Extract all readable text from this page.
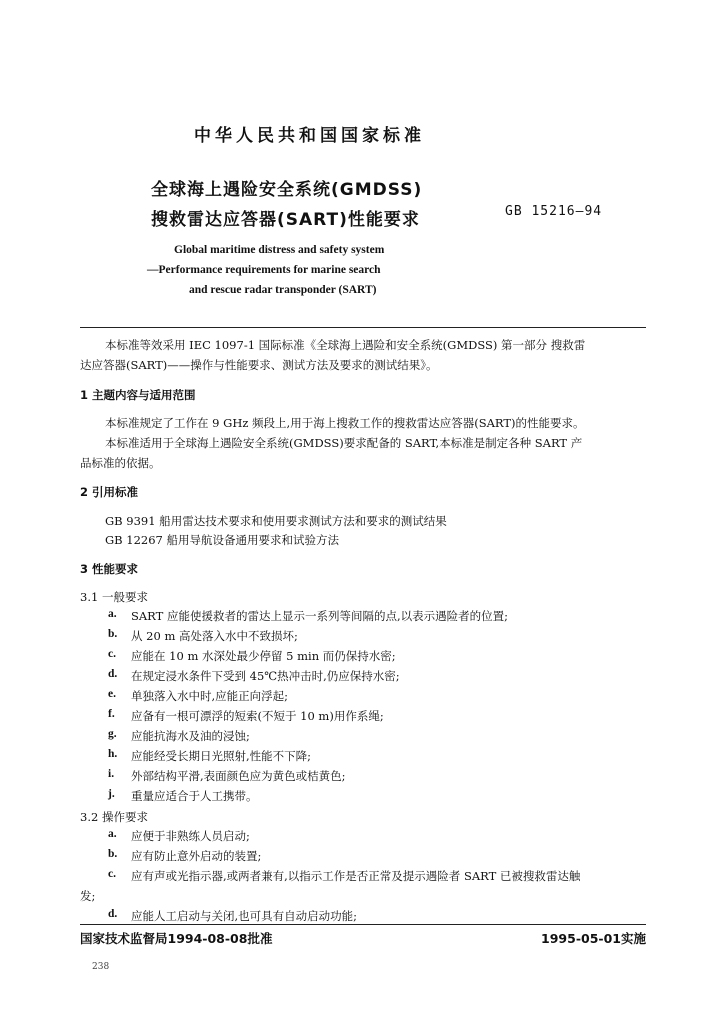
中华人民共和国国家标准
全球海上遇险安全系统(GMDSS)
搜救雷达应答器(SART)性能要求	GB 15216—94
Global maritime distress and safety system
—Performance requirements for marine search
and rescue radar transponder (SART)
本标准等效采用 IEC 1097-1 国际标准《全球海上遇险和安全系统(GMDSS) 第一部分 搜救雷
达应答器(SART)——操作与性能要求、测试方法及要求的测试结果》。
1 主题内容与适用范围
本标准规定了工作在 9 GHz 频段上,用于海上搜救工作的搜救雷达应答器(SART)的性能要求。
本标准适用于全球海上遇险安全系统(GMDSS)要求配备的 SART,本标准是制定各种 SART 产
品标准的依据。
2 引用标准
GB 9391 船用雷达技术要求和使用要求测试方法和要求的测试结果
GB 12267 船用导航设备通用要求和试验方法
3 性能要求
3.1 一般要求
a. SART 应能使援救者的雷达上显示一系列等间隔的点,以表示遇险者的位置;
b. 从 20 m 高处落入水中不致损坏;
c. 应能在 10 m 水深处最少停留 5 min 而仍保持水密;
d. 在规定浸水条件下受到 45℃热冲击时,仍应保持水密;
e. 单独落入水中时,应能正向浮起;
f. 应备有一根可漂浮的短索(不短于 10 m)用作系绳;
g. 应能抗海水及油的浸蚀;
h. 应能经受长期日光照射,性能不下降;
i. 外部结构平滑,表面颜色应为黄色或桔黄色;
j. 重量应适合于人工携带。
3.2 操作要求
a. 应便于非熟练人员启动;
b. 应有防止意外启动的装置;
c. 应有声或光指示器,或两者兼有,以指示工作是否正常及提示遇险者 SART 已被搜救雷达触
发;
d. 应能人工启动与关闭,也可具有自动启动功能;
国家技术监督局1994-08-08批准	1995-05-01实施
238
